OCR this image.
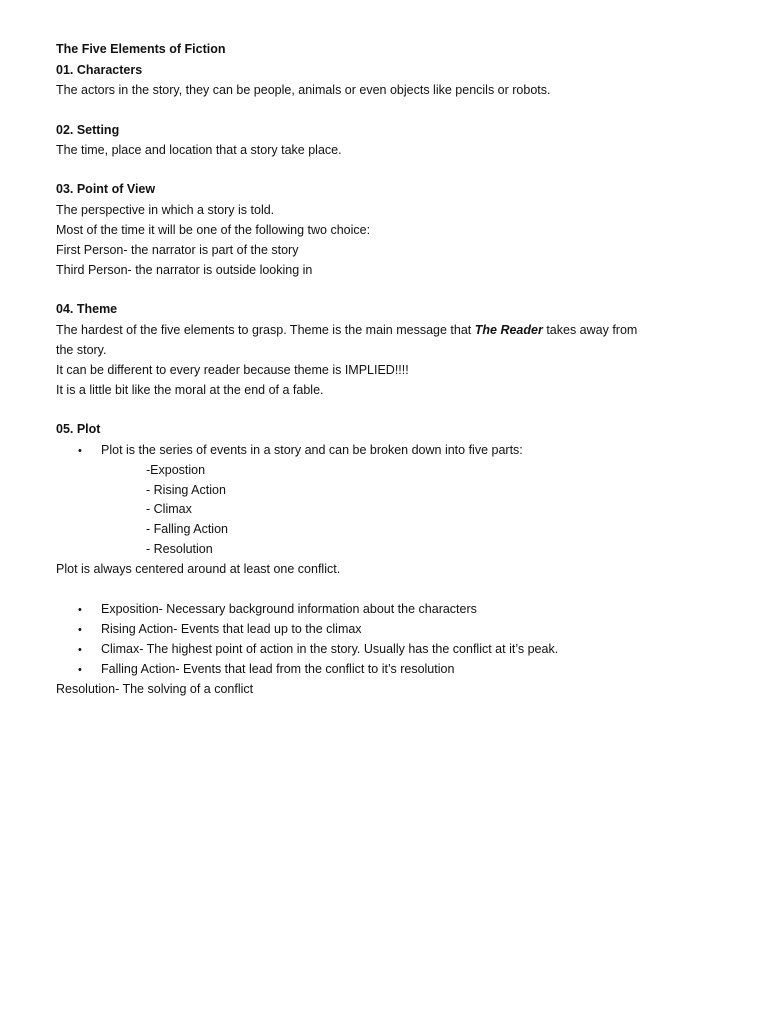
The Five Elements of Fiction
01. Characters
The actors in the story, they can be people, animals or even objects like pencils or robots.
02. Setting
The time, place and location that a story take place.
03. Point of View
The perspective in which a story is told.
Most of the time it will be one of the following two choice:
First Person- the narrator is part of the story
Third Person- the narrator is outside looking in
04. Theme
The hardest of the five elements to grasp. Theme is the main message that The Reader takes away from
the story.
It can be different to every reader because theme is IMPLIED!!!!
It is a little bit like the moral at the end of a fable.
05. Plot
• Plot is the series of events in a story and can be broken down into five parts:
-Expostion
- Rising Action
- Climax
- Falling Action
- Resolution
Plot is always centered around at least one conflict.
• Exposition- Necessary background information about the characters
• Rising Action- Events that lead up to the climax
• Climax- The highest point of action in the story. Usually has the conflict at it’s peak.
• Falling Action- Events that lead from the conflict to it’s resolution
Resolution- The solving of a conflict
